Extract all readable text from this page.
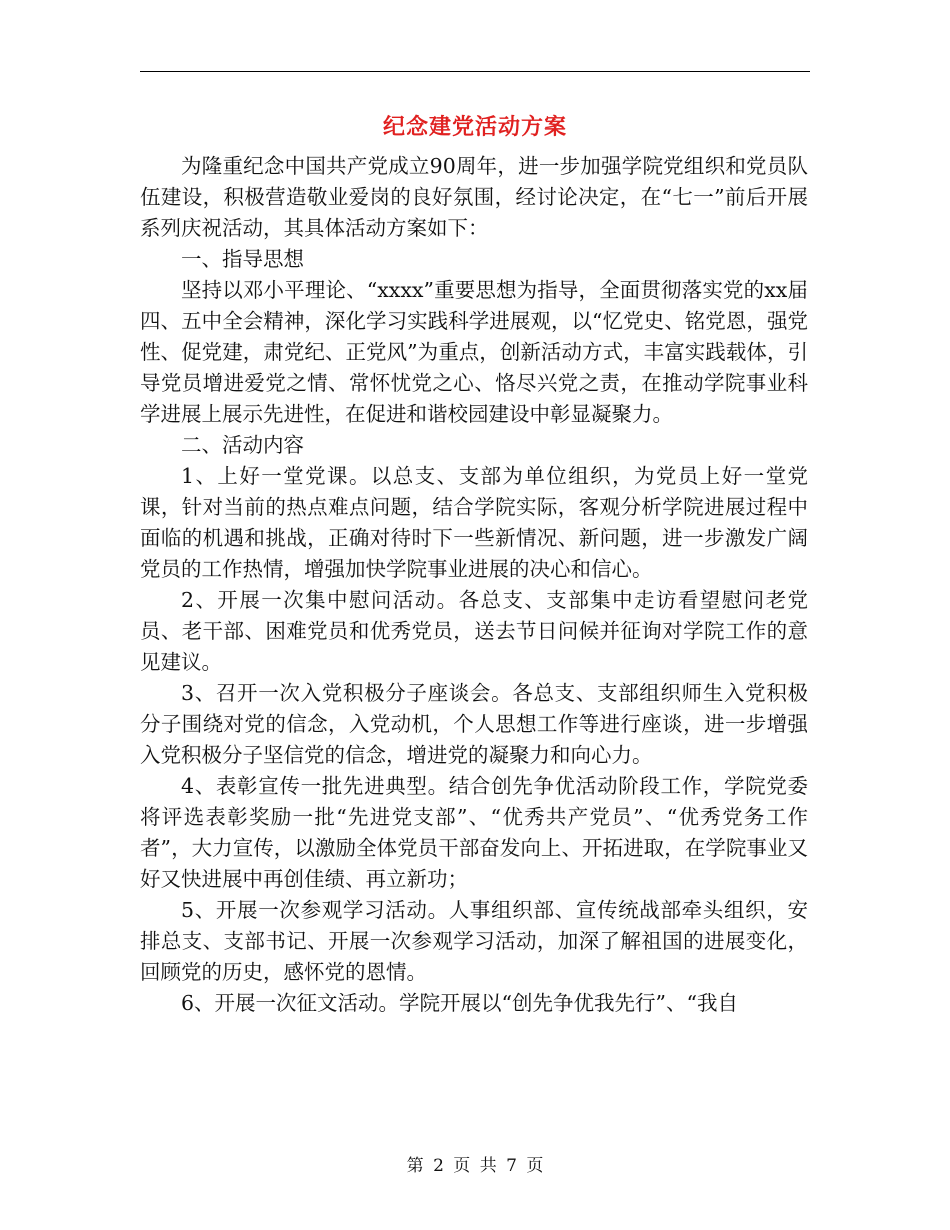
纪念建党活动方案

为隆重纪念中国共产党成立90周年，进一步加强学院党组织和党员队伍建设，积极营造敬业爱岗的良好氛围，经讨论决定，在“七一”前后开展系列庆祝活动，其具体活动方案如下：

一、指导思想

坚持以邓小平理论、“xxxx”重要思想为指导，全面贯彻落实党的xx届四、五中全会精神，深化学习实践科学进展观，以“忆党史、铭党恩，强党性、促党建，肃党纪、正党风”为重点，创新活动方式，丰富实践载体，引导党员增进爱党之情、常怀忧党之心、恪尽兴党之责，在推动学院事业科学进展上展示先进性，在促进和谐校园建设中彰显凝聚力。

二、活动内容

1、上好一堂党课。以总支、支部为单位组织，为党员上好一堂党课，针对当前的热点难点问题，结合学院实际，客观分析学院进展过程中面临的机遇和挑战，正确对待时下一些新情况、新问题，进一步激发广阔党员的工作热情，增强加快学院事业进展的决心和信心。

2、开展一次集中慰问活动。各总支、支部集中走访看望慰问老党员、老干部、困难党员和优秀党员，送去节日问候并征询对学院工作的意见建议。

3、召开一次入党积极分子座谈会。各总支、支部组织师生入党积极分子围绕对党的信念，入党动机，个人思想工作等进行座谈，进一步增强入党积极分子坚信党的信念，增进党的凝聚力和向心力。

4、表彰宣传一批先进典型。结合创先争优活动阶段工作，学院党委将评选表彰奖励一批“先进党支部”、“优秀共产党员”、“优秀党务工作者”，大力宣传，以激励全体党员干部奋发向上、开拓进取，在学院事业又好又快进展中再创佳绩、再立新功；

5、开展一次参观学习活动。人事组织部、宣传统战部牵头组织，安排总支、支部书记、开展一次参观学习活动，加深了解祖国的进展变化，回顾党的历史，感怀党的恩情。

6、开展一次征文活动。学院开展以“创先争优我先行”、“我自

第 2 页 共 7 页
